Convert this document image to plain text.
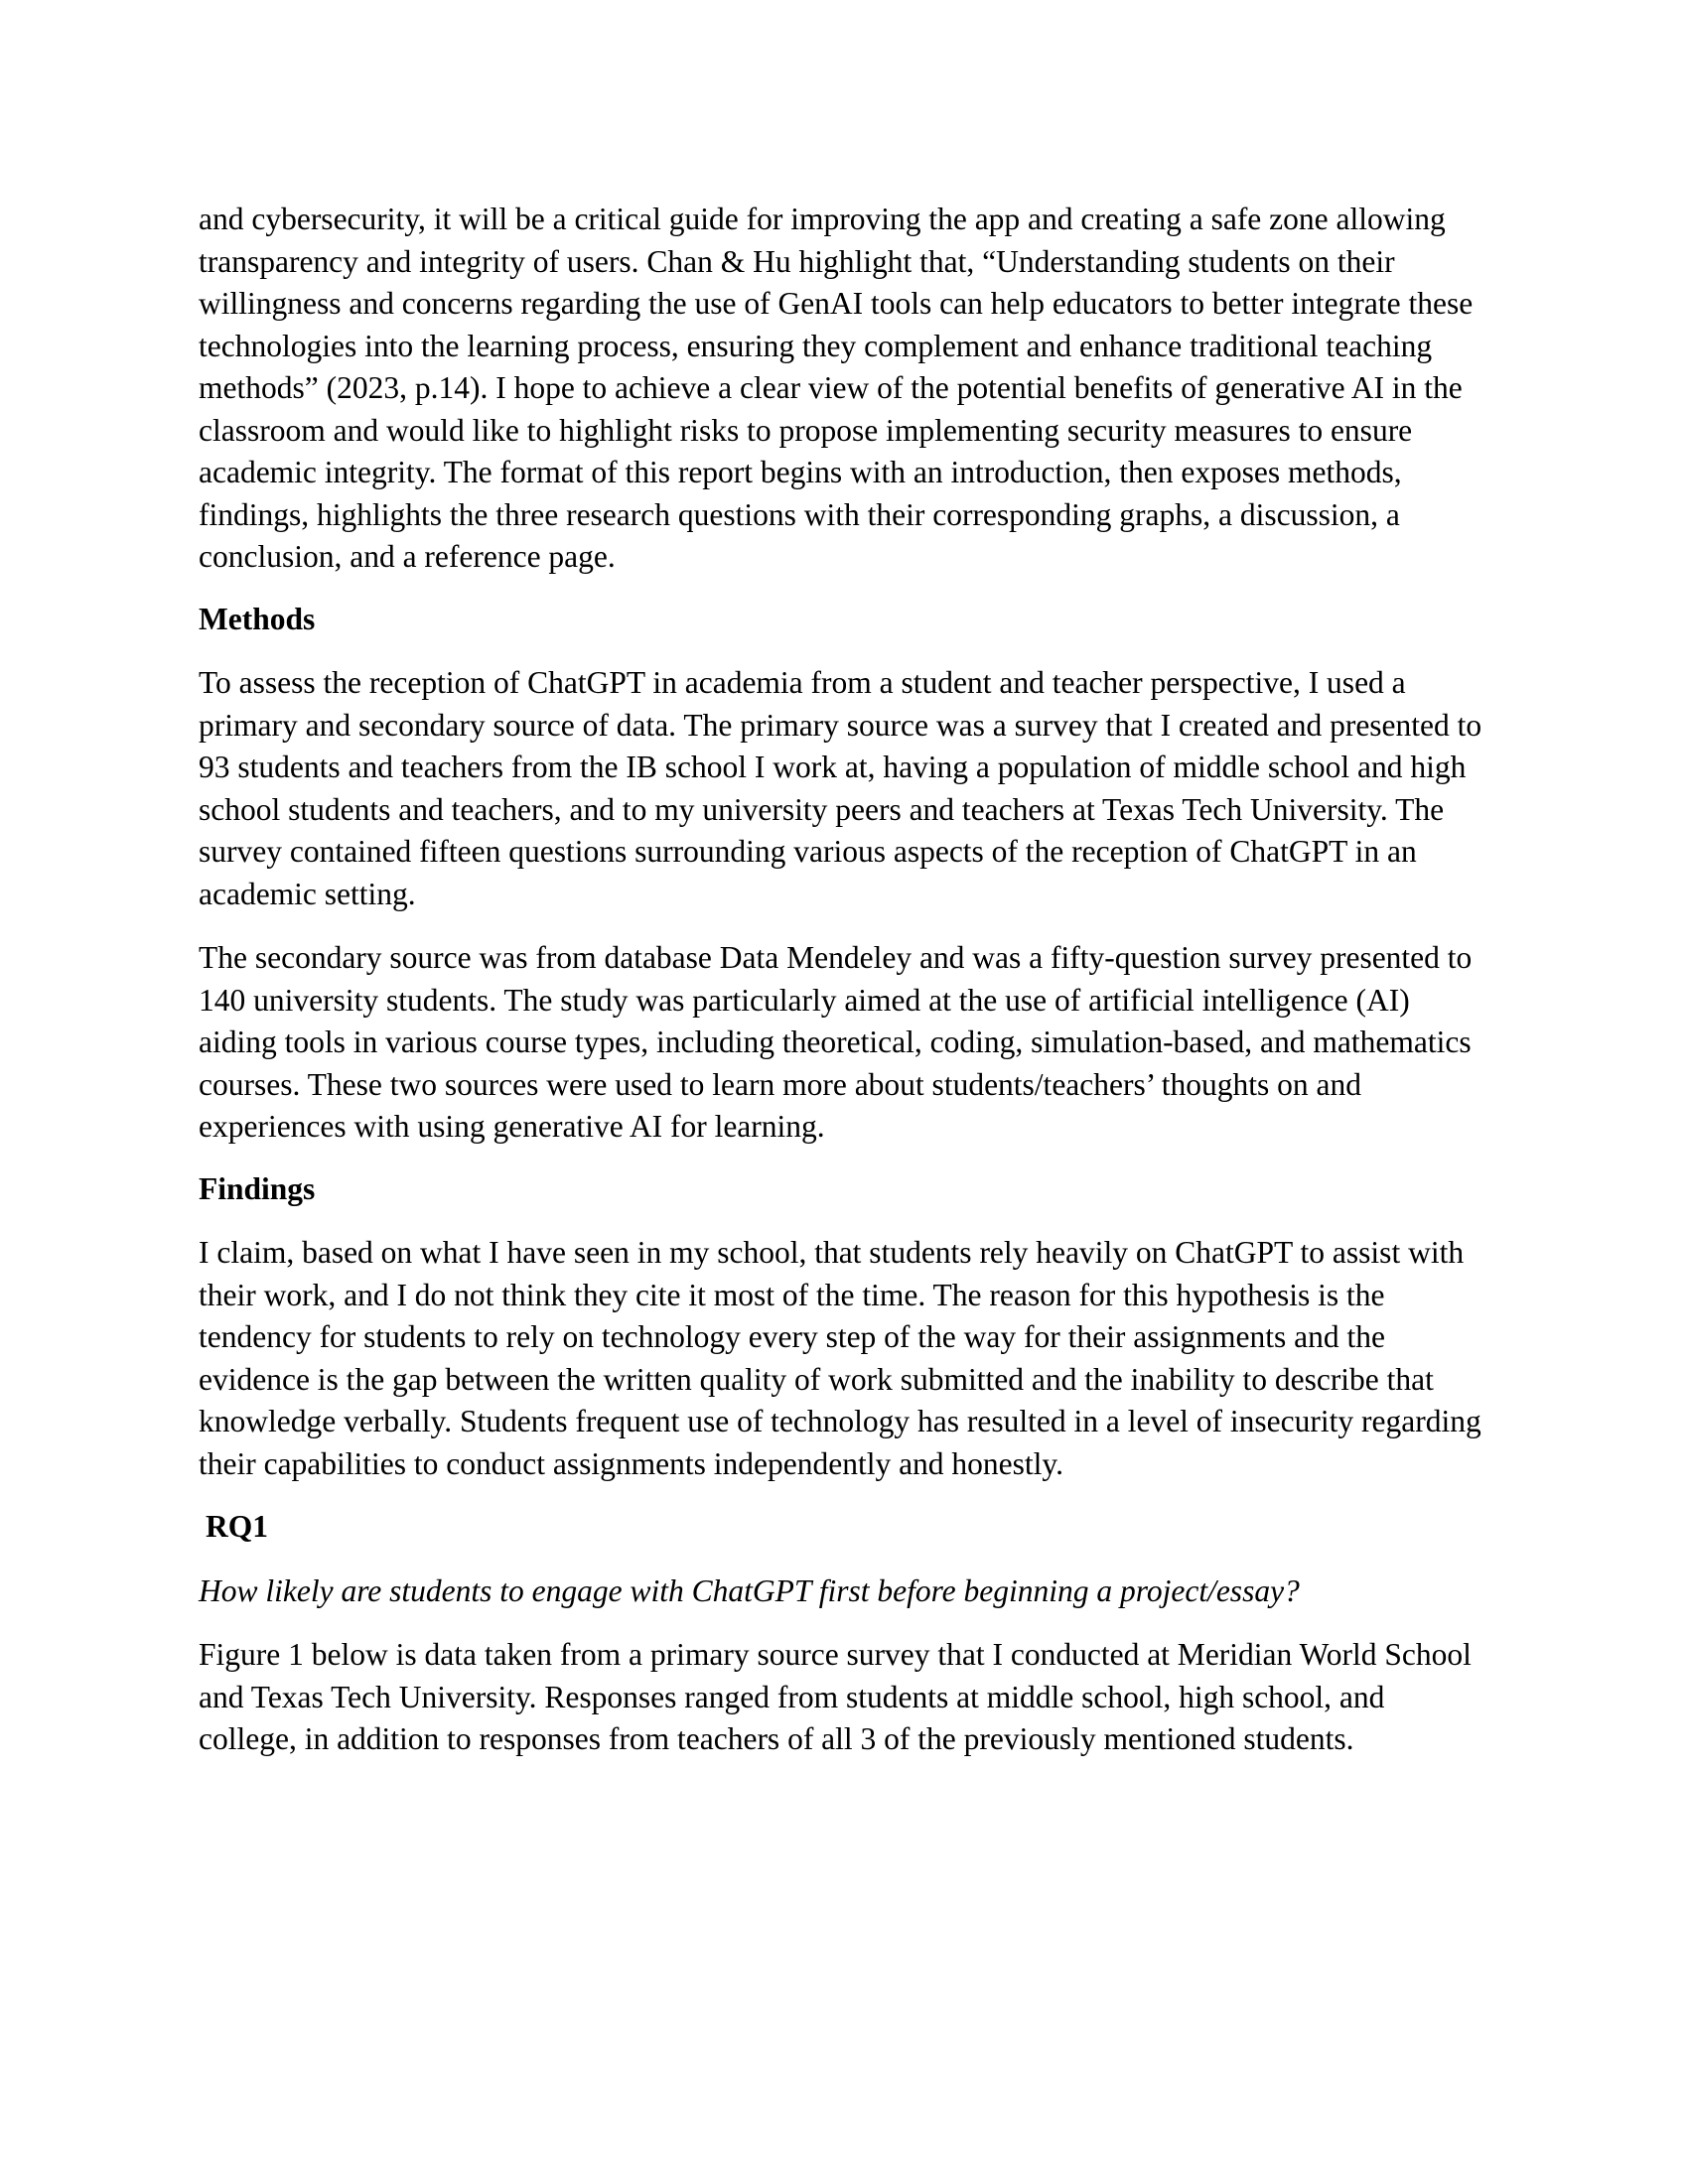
and cybersecurity, it will be a critical guide for improving the app and creating a safe zone allowing transparency and integrity of users. Chan & Hu highlight that, “Understanding students on their willingness and concerns regarding the use of GenAI tools can help educators to better integrate these technologies into the learning process, ensuring they complement and enhance traditional teaching methods” (2023, p.14). I hope to achieve a clear view of the potential benefits of generative AI in the classroom and would like to highlight risks to propose implementing security measures to ensure academic integrity. The format of this report begins with an introduction, then exposes methods, findings, highlights the three research questions with their corresponding graphs, a discussion, a conclusion, and a reference page.

Methods

To assess the reception of ChatGPT in academia from a student and teacher perspective, I used a primary and secondary source of data. The primary source was a survey that I created and presented to 93 students and teachers from the IB school I work at, having a population of middle school and high school students and teachers, and to my university peers and teachers at Texas Tech University. The survey contained fifteen questions surrounding various aspects of the reception of ChatGPT in an academic setting.

The secondary source was from database Data Mendeley and was a fifty-question survey presented to 140 university students. The study was particularly aimed at the use of artificial intelligence (AI) aiding tools in various course types, including theoretical, coding, simulation-based, and mathematics courses. These two sources were used to learn more about students/teachers’ thoughts on and experiences with using generative AI for learning.

Findings

I claim, based on what I have seen in my school, that students rely heavily on ChatGPT to assist with their work, and I do not think they cite it most of the time. The reason for this hypothesis is the tendency for students to rely on technology every step of the way for their assignments and the evidence is the gap between the written quality of work submitted and the inability to describe that knowledge verbally. Students frequent use of technology has resulted in a level of insecurity regarding their capabilities to conduct assignments independently and honestly.

RQ1

How likely are students to engage with ChatGPT first before beginning a project/essay?

Figure 1 below is data taken from a primary source survey that I conducted at Meridian World School and Texas Tech University. Responses ranged from students at middle school, high school, and college, in addition to responses from teachers of all 3 of the previously mentioned students.
